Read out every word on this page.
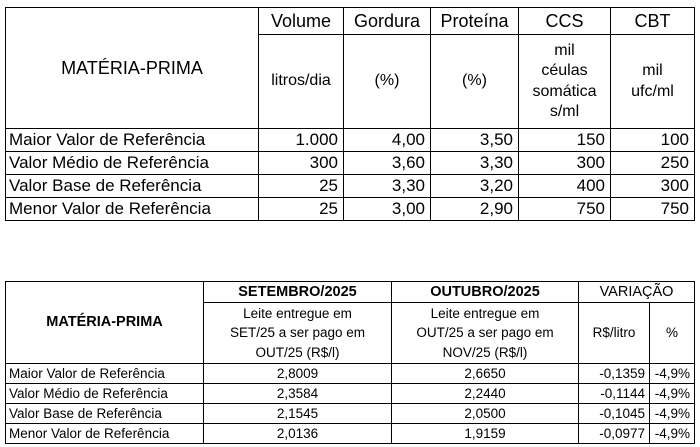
MATÉRIA-PRIMA	Volume	Gordura	Proteína	CCS	CBT

	litros/dia	(%)	(%)	mil
céulas
somática
s/ml	mil
ufc/ml

Maior Valor de Referência	1.000	4,00	3,50	150	100
Valor Médio de Referência	300	3,60	3,30	300	250
Valor Base de Referência	25	3,30	3,20	400	300
Menor Valor de Referência	25	3,00	2,90	750	750
MATÉRIA-PRIMA	SETEMBRO/2025	OUTUBRO/2025	VARIAÇÃO	

	Leite entregue em
SET/25 a ser pago em
OUT/25 (R$/l)	Leite entregue em
OUT/25 a ser pago em
NOV/25 (R$/l)	R$/litro	%
Maior Valor de Referência	2,8009	2,6650	-0,1359	-4,9%
Valor Médio de Referência	2,3584	2,2440	-0,1144	-4,9%
Valor Base de Referência	2,1545	2,0500	-0,1045	-4,9%
Menor Valor de Referência	2,0136	1,9159	-0,0977	-4,9%
